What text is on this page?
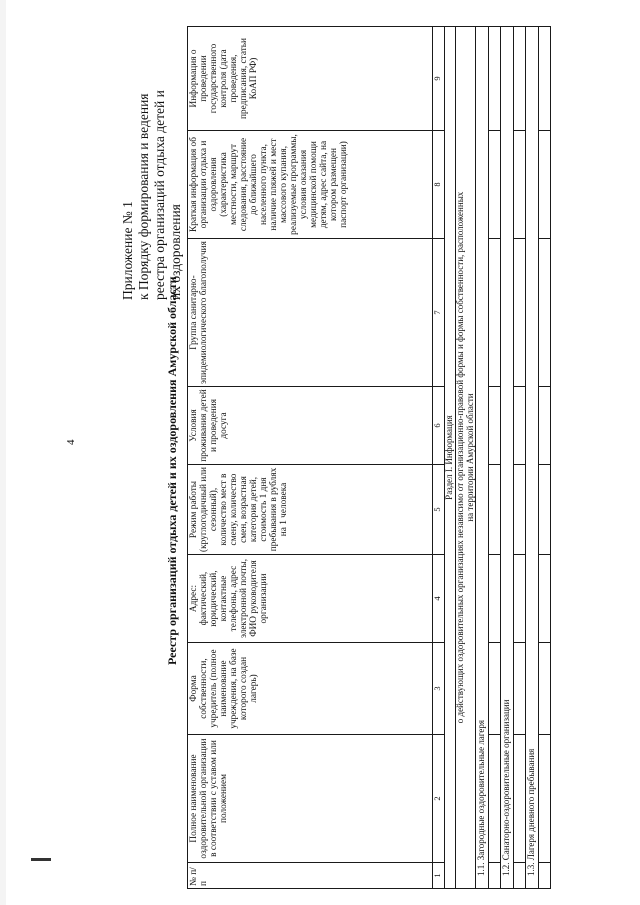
4
Приложение № 1 к Порядку формирования и ведения реестра организаций отдыха детей и их оздоровления
Реестр организаций отдыха детей и их оздоровления Амурской области
№ п/п	Полное наименование оздоровительной организации в соответствии с уставом или положением	Форма собственности, учредитель (полное наименование учреждения, на базе которого создан лагерь)	Адрес: фактический, юридический, контактные телефоны, адрес электронной почты, ФИО руководителя организации	Режим работы (круглогодичный или сезонный), количество мест в смену, количество смен, возрастная категория детей, стоимость 1 дня пребывания в рублях на 1 человека	Условия проживания детей и проведения досуга	Группа санитарно-эпидемиологического благополучия	Краткая информация об организации отдыха и оздоровления (характеристика местности, маршрут следования, расстояние до ближайшего населенного пункта, наличие пляжей и мест массового купания, реализуемые программы, условия оказания медицинской помощи детям, адрес сайта, на котором размещен паспорт организации)	Информация о проведении государственного контроля (дата проведения, предписания, статьи КоАП РФ)
1	2	3	4	5	6	7	8	9
Раздел I. Информация								

о действующих оздоровительных организациях независимо от организационно-правовой формы и формы собственности, расположенных на территории Амурской области								

1.1. Загородные оздоровительные лагеря								

1.2. Санаторно-оздоровительные организации								

1.3. Лагеря дневного пребывания								
